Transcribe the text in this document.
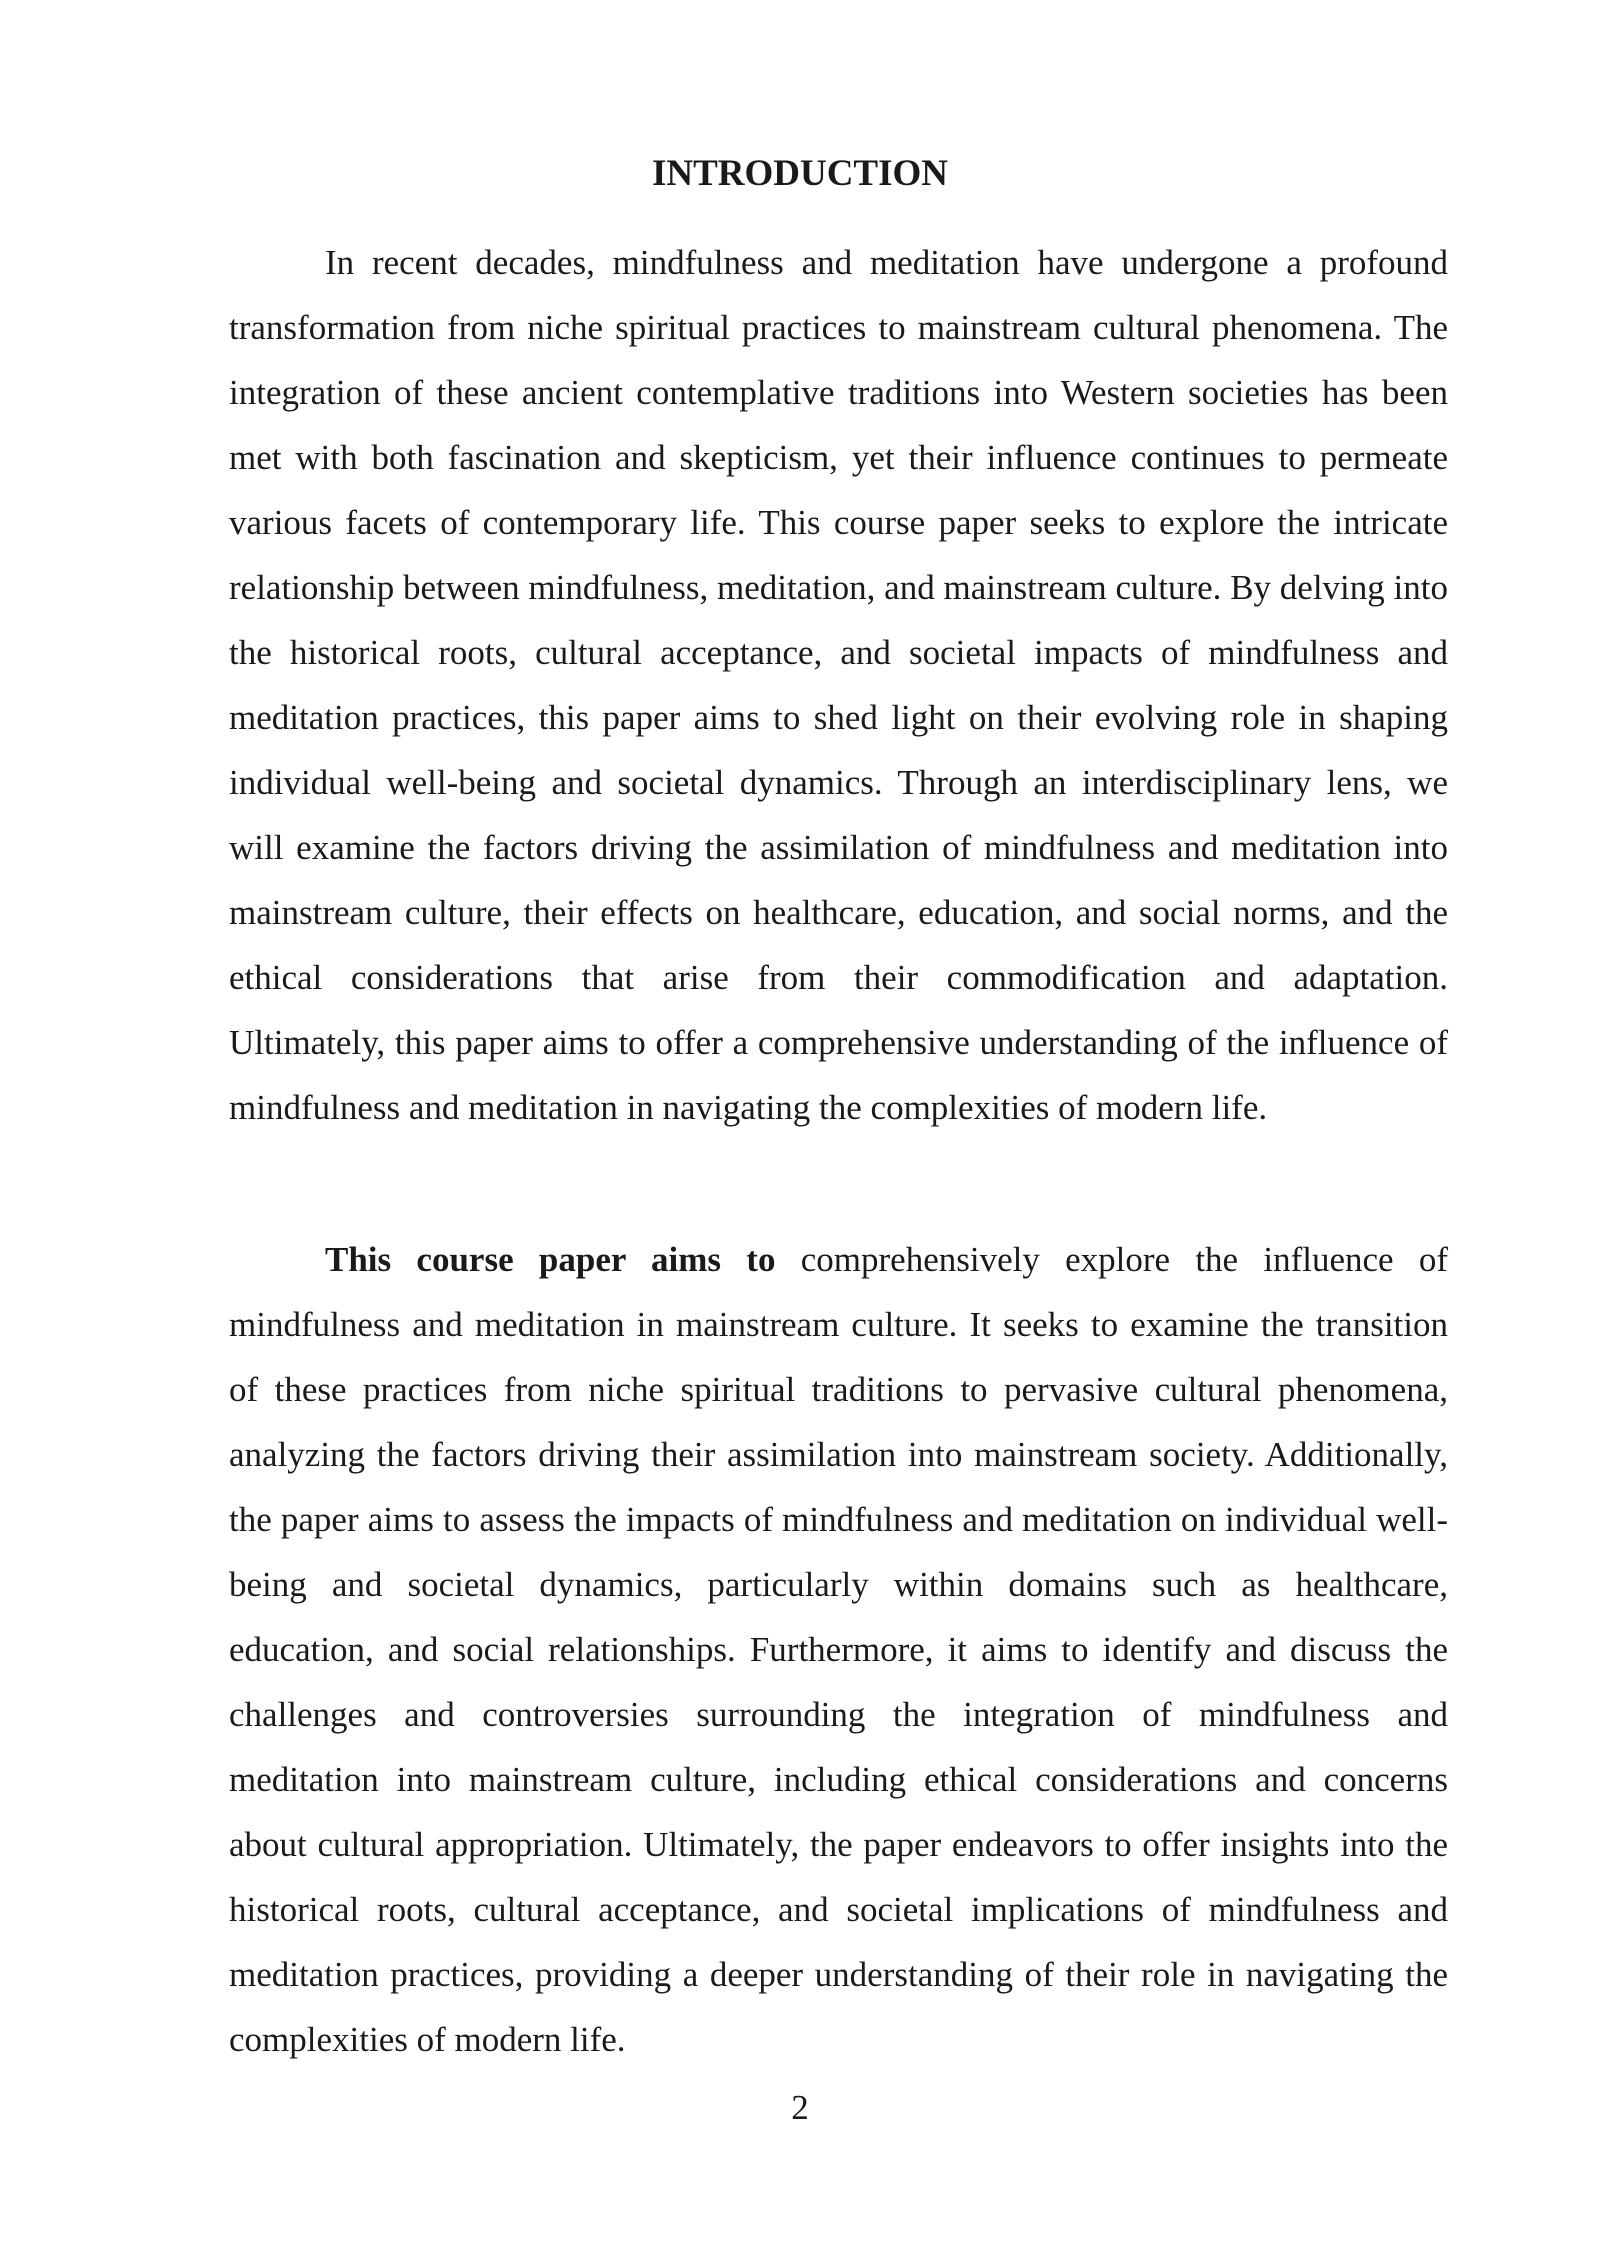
INTRODUCTION

In recent decades, mindfulness and meditation have undergone a profound transformation from niche spiritual practices to mainstream cultural phenomena. The integration of these ancient contemplative traditions into Western societies has been met with both fascination and skepticism, yet their influence continues to permeate various facets of contemporary life. This course paper seeks to explore the intricate relationship between mindfulness, meditation, and mainstream culture. By delving into the historical roots, cultural acceptance, and societal impacts of mindfulness and meditation practices, this paper aims to shed light on their evolving role in shaping individual well-being and societal dynamics. Through an interdisciplinary lens, we will examine the factors driving the assimilation of mindfulness and meditation into mainstream culture, their effects on healthcare, education, and social norms, and the ethical considerations that arise from their commodification and adaptation. Ultimately, this paper aims to offer a comprehensive understanding of the influence of mindfulness and meditation in navigating the complexities of modern life.

This course paper aims to comprehensively explore the influence of mindfulness and meditation in mainstream culture. It seeks to examine the transition of these practices from niche spiritual traditions to pervasive cultural phenomena, analyzing the factors driving their assimilation into mainstream society. Additionally, the paper aims to assess the impacts of mindfulness and meditation on individual well-being and societal dynamics, particularly within domains such as healthcare, education, and social relationships. Furthermore, it aims to identify and discuss the challenges and controversies surrounding the integration of mindfulness and meditation into mainstream culture, including ethical considerations and concerns about cultural appropriation. Ultimately, the paper endeavors to offer insights into the historical roots, cultural acceptance, and societal implications of mindfulness and meditation practices, providing a deeper understanding of their role in navigating the complexities of modern life.

2
